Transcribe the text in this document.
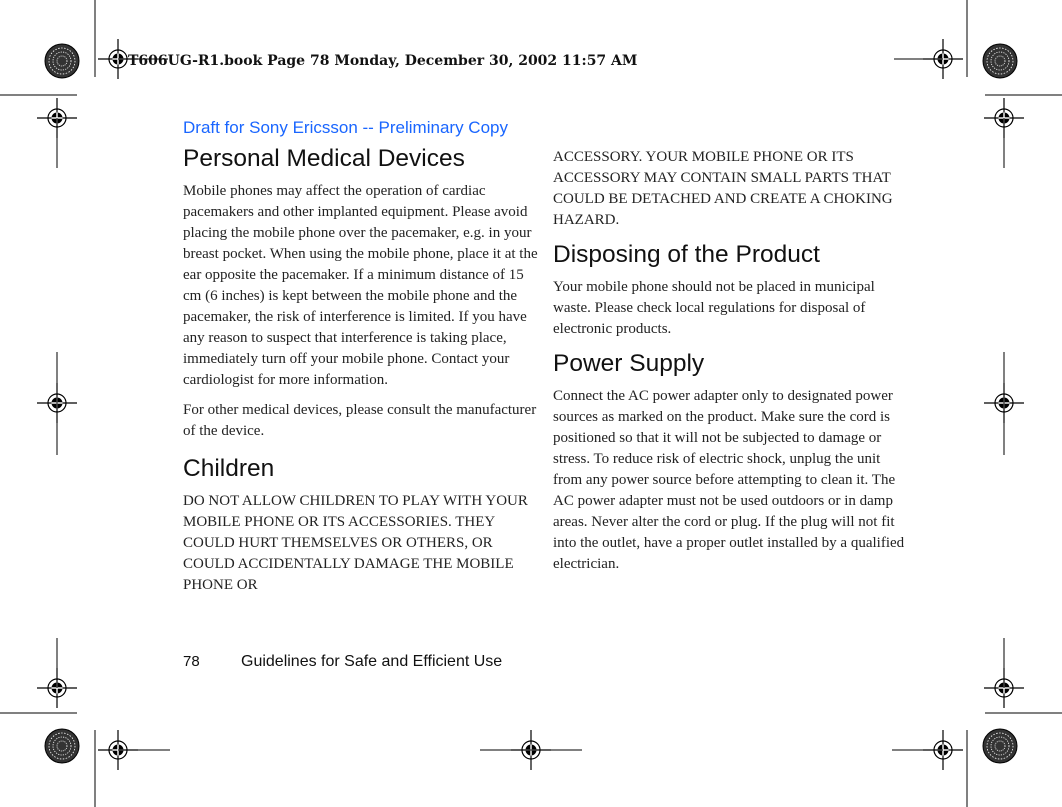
T606UG-R1.book Page 78 Monday, December 30, 2002 11:57 AM
Draft for Sony Ericsson -- Preliminary Copy
Personal Medical Devices

Mobile phones may affect the operation of cardiac pacemakers and other implanted equipment. Please avoid placing the mobile phone over the pacemaker, e.g. in your breast pocket. When using the mobile phone, place it at the ear opposite the pacemaker. If a minimum distance of 15 cm (6 inches) is kept between the mobile phone and the pacemaker, the risk of interference is limited. If you have any reason to suspect that interference is taking place, immediately turn off your mobile phone. Contact your cardiologist for more information.

For other medical devices, please consult the manufacturer of the device.

Children

DO NOT ALLOW CHILDREN TO PLAY WITH YOUR MOBILE PHONE OR ITS ACCESSORIES. THEY COULD HURT THEMSELVES OR OTHERS, OR COULD ACCIDENTALLY DAMAGE THE MOBILE PHONE OR

ACCESSORY. YOUR MOBILE PHONE OR ITS ACCESSORY MAY CONTAIN SMALL PARTS THAT COULD BE DETACHED AND CREATE A CHOKING HAZARD.

Disposing of the Product

Your mobile phone should not be placed in municipal waste. Please check local regulations for disposal of electronic products.

Power Supply

Connect the AC power adapter only to designated power sources as marked on the product. Make sure the cord is positioned so that it will not be subjected to damage or stress. To reduce risk of electric shock, unplug the unit from any power source before attempting to clean it. The AC power adapter must not be used outdoors or in damp areas. Never alter the cord or plug. If the plug will not fit into the outlet, have a proper outlet installed by a qualified electrician.

78	Guidelines for Safe and Efficient Use
